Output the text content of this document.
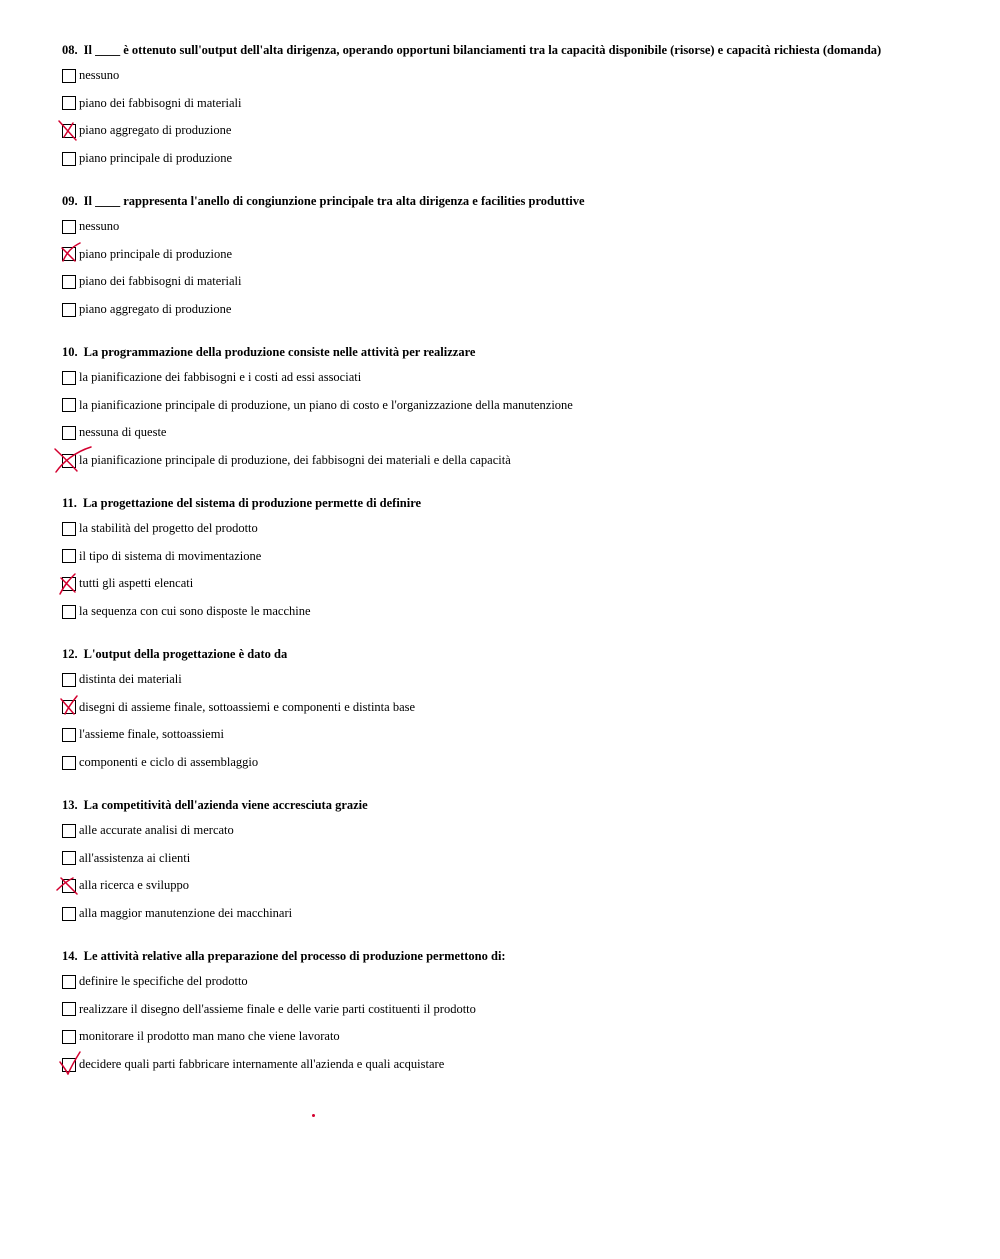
08. Il ____ è ottenuto sull'output dell'alta dirigenza, operando opportuni bilanciamenti tra la capacità disponibile (risorse) e capacità richiesta (domanda)
nessuno
piano dei fabbisogni di materiali
piano aggregato di produzione
piano principale di produzione
09. Il ____ rappresenta l'anello di congiunzione principale tra alta dirigenza e facilities produttive
nessuno
piano principale di produzione
piano dei fabbisogni di materiali
piano aggregato di produzione
10. La programmazione della produzione consiste nelle attività per realizzare
la pianificazione dei fabbisogni e i costi ad essi associati
la pianificazione principale di produzione, un piano di costo e l'organizzazione della manutenzione
nessuna di queste
la pianificazione principale di produzione, dei fabbisogni dei materiali e della capacità
11. La progettazione del sistema di produzione permette di definire
la stabilità del progetto del prodotto
il tipo di sistema di movimentazione
tutti gli aspetti elencati
la sequenza con cui sono disposte le macchine
12. L'output della progettazione è dato da
distinta dei materiali
disegni di assieme finale, sottoassiemi e componenti e distinta base
l'assieme finale, sottoassiemi
componenti e ciclo di assemblaggio
13. La competitività dell'azienda viene accresciuta grazie
alle accurate analisi di mercato
all'assistenza ai clienti
alla ricerca e sviluppo
alla maggior manutenzione dei macchinari
14. Le attività relative alla preparazione del processo di produzione permettono di:
definire le specifiche del prodotto
realizzare il disegno dell'assieme finale e delle varie parti costituenti il prodotto
monitorare il prodotto man mano che viene lavorato
decidere quali parti fabbricare internamente all'azienda e quali acquistare
